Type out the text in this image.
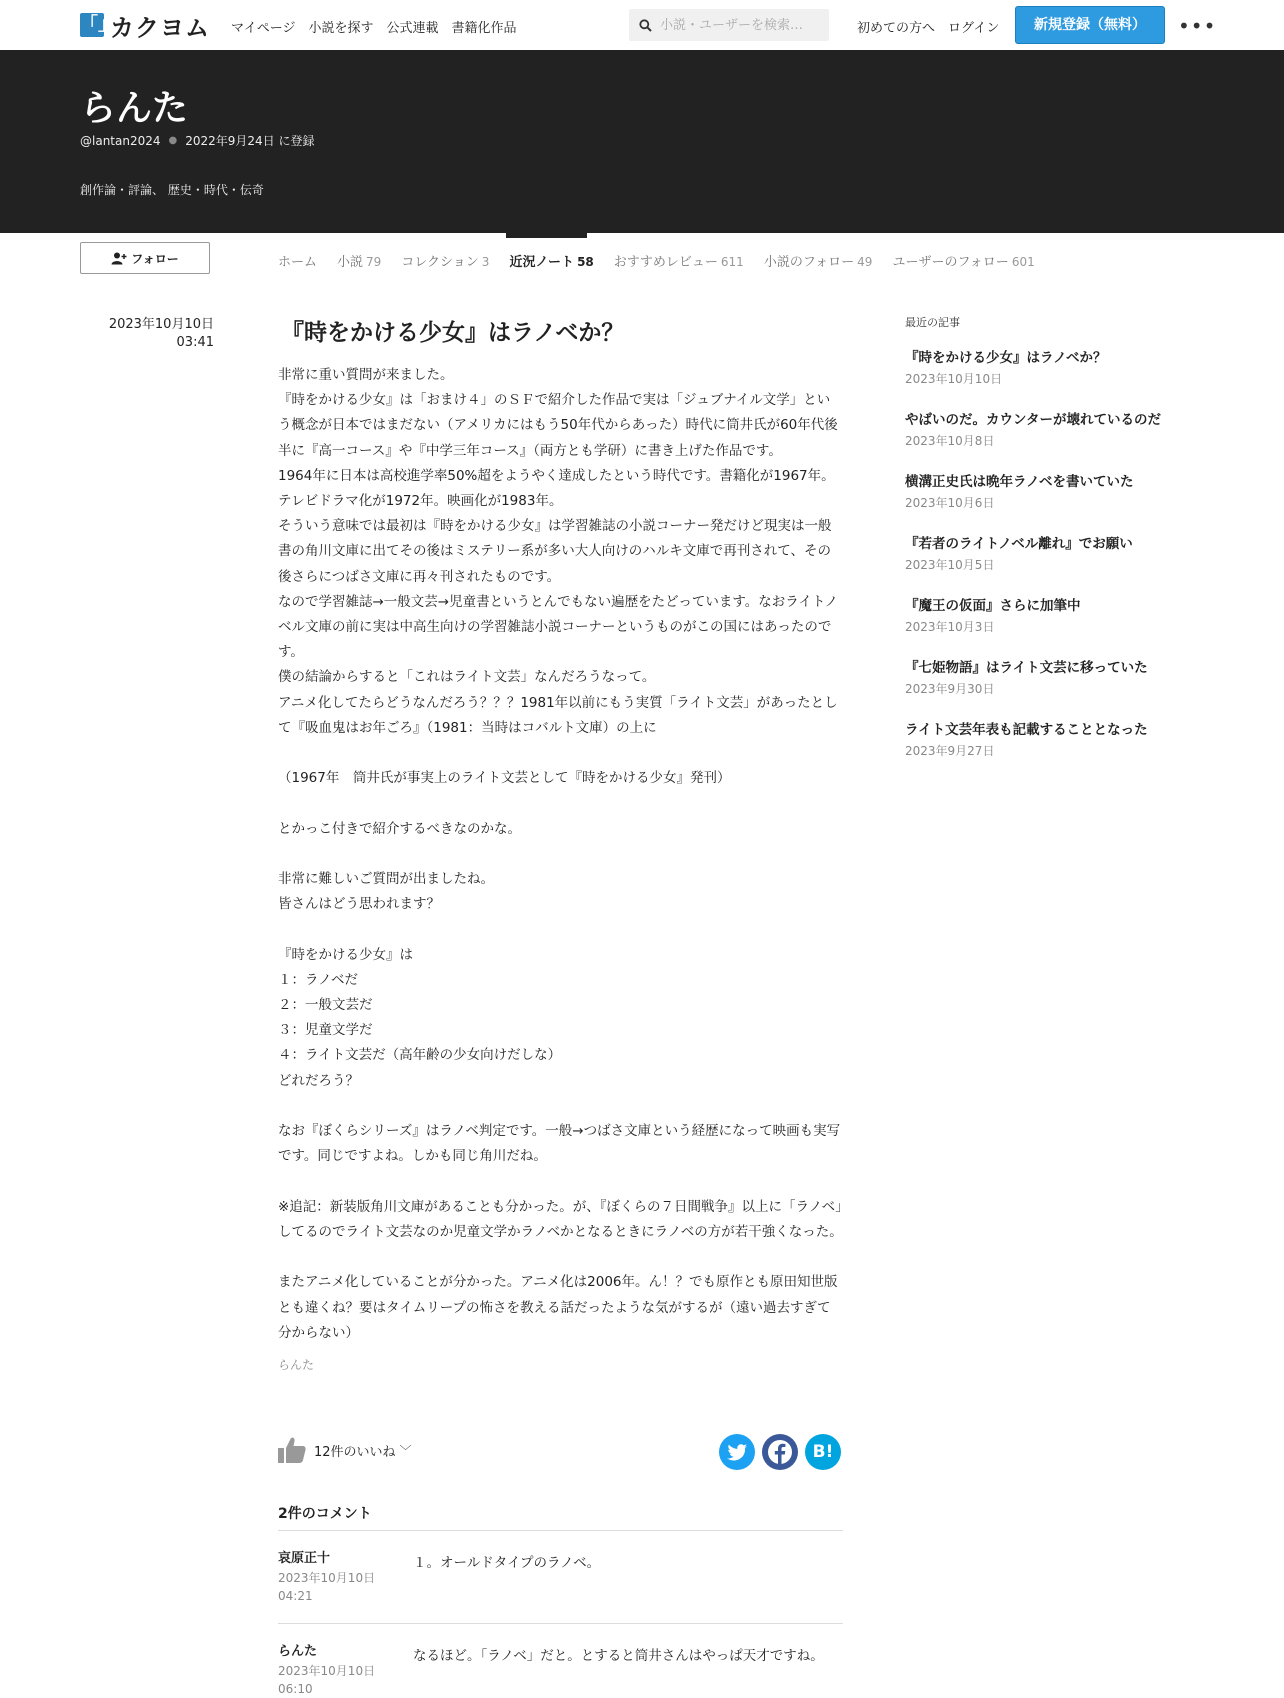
「」
カクヨム マイページ 小説を探す 公式連載 書籍化作品
小説・ユーザーを検索…	初めての方へ ログイン	新規登録（無料）	•••
らんた
@lantan2024 ● 2022年9月24日 に登録
創作論・評論、 歴史・時代・伝奇
フォロー	ホーム 小説 79 コレクション 3 近況ノート 58 おすすめレビュー 611 小説のフォロー 49 ユーザーのフォロー 601
2023年10月10日
03:41	『時をかける少女』はラノベか？

非常に重い質問が来ました。

『時をかける少女』は「おまけ４」のＳＦで紹介した作品で実は「ジュブナイル文学」という概念が日本ではまだない（アメリカにはもう50年代からあった）時代に筒井氏が60年代後半に『高一コース』や『中学三年コース』（両方とも学研）に書き上げた作品です。

1964年に日本は高校進学率50%超をようやく達成したという時代です。書籍化が1967年。テレビドラマ化が1972年。映画化が1983年。

そういう意味では最初は『時をかける少女』は学習雑誌の小説コーナー発だけど現実は一般書の角川文庫に出てその後はミステリー系が多い大人向けのハルキ文庫で再刊されて、その後さらにつばさ文庫に再々刊されたものです。

なので学習雑誌→一般文芸→児童書というとんでもない遍歴をたどっています。なおライトノベル文庫の前に実は中高生向けの学習雑誌小説コーナーというものがこの国にはあったのです。

僕の結論からすると「これはライト文芸」なんだろうなって。

アニメ化してたらどうなんだろう？？？1981年以前にもう実質「ライト文芸」があったとして『吸血鬼はお年ごろ』（1981：当時はコバルト文庫）の上に

（1967年　筒井氏が事実上のライト文芸として『時をかける少女』発刊）

とかっこ付きで紹介するべきなのかな。

非常に難しいご質問が出ましたね。

皆さんはどう思われます？

『時をかける少女』は

１：ラノベだ

２：一般文芸だ

３：児童文学だ

４：ライト文芸だ（高年齢の少女向けだしな）

どれだろう？

なお『ぼくらシリーズ』はラノベ判定です。一般→つばさ文庫という経歴になって映画も実写です。同じですよね。しかも同じ角川だね。

※追記：新装版角川文庫があることも分かった。が、『ぼくらの７日間戦争』以上に「ラノベ」してるのでライト文芸なのか児童文学かラノベかとなるときにラノベの方が若干強くなった。

またアニメ化していることが分かった。アニメ化は2006年。ん！？でも原作とも原田知世版とも違くね？要はタイムリープの怖さを教える話だったような気がするが（遠い過去すぎて分からない）

らんた
12件のいいね ﹀	B!
2件のコメント
哀原正十
2023年10月10日
04:21
１。オールドタイプのラノベ。
らんた
2023年10月10日
06:10
なるほど。「ラノベ」だと。とすると筒井さんはやっぱ天才ですね。
最近の記事
『時をかける少女』はラノベか？
2023年10月10日
やばいのだ。カウンターが壊れているのだ
2023年10月8日
横溝正史氏は晩年ラノベを書いていた
2023年10月6日
『若者のライトノベル離れ』でお願い
2023年10月5日
『魔王の仮面』さらに加筆中
2023年10月3日
『七姫物語』はライト文芸に移っていた
2023年9月30日
ライト文芸年表も記載することとなった
2023年9月27日
